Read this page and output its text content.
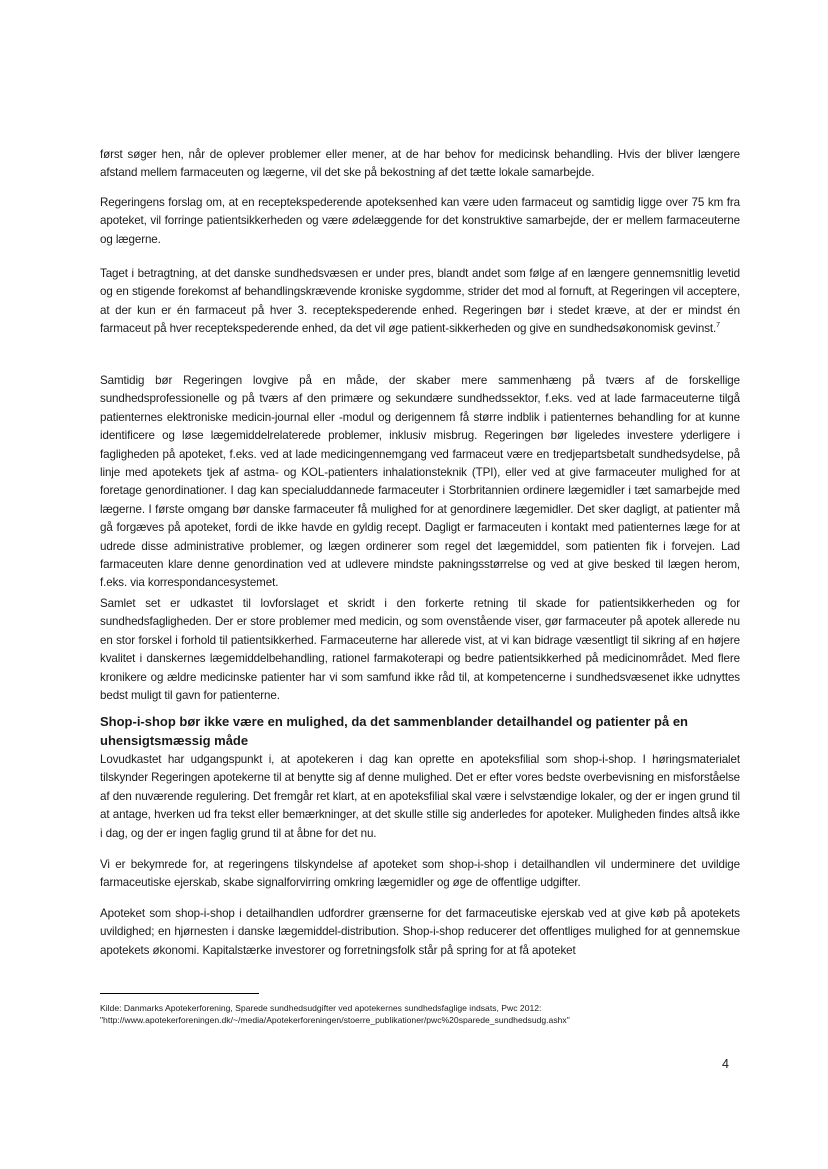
først søger hen, når de oplever problemer eller mener, at de har behov for medicinsk behandling. Hvis der bliver længere afstand mellem farmaceuten og lægerne, vil det ske på bekostning af det tætte lokale samarbejde.

Regeringens forslag om, at en receptekspederende apoteksenhed kan være uden farmaceut og samtidig ligge over 75 km fra apoteket, vil forringe patientsikkerheden og være ødelæggende for det konstruktive samarbejde, der er mellem farmaceuterne og lægerne.

Taget i betragtning, at det danske sundhedsvæsen er under pres, blandt andet som følge af en længere gennemsnitlig levetid og en stigende forekomst af behandlingskrævende kroniske sygdomme, strider det mod al fornuft, at Regeringen vil acceptere, at der kun er én farmaceut på hver 3. receptekspederende enhed. Regeringen bør i stedet kræve, at der er mindst én farmaceut på hver receptekspederende enhed, da det vil øge patient-sikkerheden og give en sundhedsøkonomisk gevinst.$^7$

Samtidig bør Regeringen lovgive på en måde, der skaber mere sammenhæng på tværs af de forskellige sundhedsprofessionelle og på tværs af den primære og sekundære sundhedssektor, f.eks. ved at lade farmaceuterne tilgå patienternes elektroniske medicin-journal eller -modul og derigennem få større indblik i patienternes behandling for at kunne identificere og løse lægemiddelrelaterede problemer, inklusiv misbrug. Regeringen bør ligeledes investere yderligere i fagligheden på apoteket, f.eks. ved at lade medicingennemgang ved farmaceut være en tredjepartsbetalt sundhedsydelse, på linje med apotekets tjek af astma- og KOL-patienters inhalationsteknik (TPI), eller ved at give farmaceuter mulighed for at foretage genordinationer. I dag kan specialuddannede farmaceuter i Storbritannien ordinere lægemidler i tæt samarbejde med lægerne. I første omgang bør danske farmaceuter få mulighed for at genordinere lægemidler. Det sker dagligt, at patienter må gå forgæves på apoteket, fordi de ikke havde en gyldig recept. Dagligt er farmaceuten i kontakt med patienternes læge for at udrede disse administrative problemer, og lægen ordinerer som regel det lægemiddel, som patienten fik i forvejen. Lad farmaceuten klare denne genordination ved at udlevere mindste pakningsstørrelse og ved at give besked til lægen herom, f.eks. via korrespondancesystemet.

Samlet set er udkastet til lovforslaget et skridt i den forkerte retning til skade for patientsikkerheden og for sundhedsfagligheden. Der er store problemer med medicin, og som ovenstående viser, gør farmaceuter på apotek allerede nu en stor forskel i forhold til patientsikkerhed. Farmaceuterne har allerede vist, at vi kan bidrage væsentligt til sikring af en højere kvalitet i danskernes lægemiddelbehandling, rationel farmakoterapi og bedre patientsikkerhed på medicinområdet. Med flere kronikere og ældre medicinske patienter har vi som samfund ikke råd til, at kompetencerne i sundhedsvæsenet ikke udnyttes bedst muligt til gavn for patienterne.

Shop-i-shop bør ikke være en mulighed, da det sammenblander detailhandel og patienter på en uhensigtsmæssig måde

Lovudkastet har udgangspunkt i, at apotekeren i dag kan oprette en apoteksfilial som shop-i-shop. I høringsmaterialet tilskynder Regeringen apotekerne til at benytte sig af denne mulighed. Det er efter vores bedste overbevisning en misforståelse af den nuværende regulering. Det fremgår ret klart, at en apoteksfilial skal være i selvstændige lokaler, og der er ingen grund til at antage, hverken ud fra tekst eller bemærkninger, at det skulle stille sig anderledes for apoteker. Muligheden findes altså ikke i dag, og der er ingen faglig grund til at åbne for det nu.

Vi er bekymrede for, at regeringens tilskyndelse af apoteket som shop-i-shop i detailhandlen vil underminere det uvildige farmaceutiske ejerskab, skabe signalforvirring omkring lægemidler og øge de offentlige udgifter.

Apoteket som shop-i-shop i detailhandlen udfordrer grænserne for det farmaceutiske ejerskab ved at give køb på apotekets uvildighed; en hjørnesten i danske lægemiddel-distribution. Shop-i-shop reducerer det offentliges mulighed for at gennemskue apotekets økonomi. Kapitalstærke investorer og forretningsfolk står på spring for at få apoteket

Kilde: Danmarks Apotekerforening, Sparede sundhedsudgifter ved apotekernes sundhedsfaglige indsats, Pwc 2012:

"http://www.apotekerforeningen.dk/~/media/Apotekerforeningen/stoerre_publikationer/pwc%20sparede_sundhedsudg.ashx"

4
